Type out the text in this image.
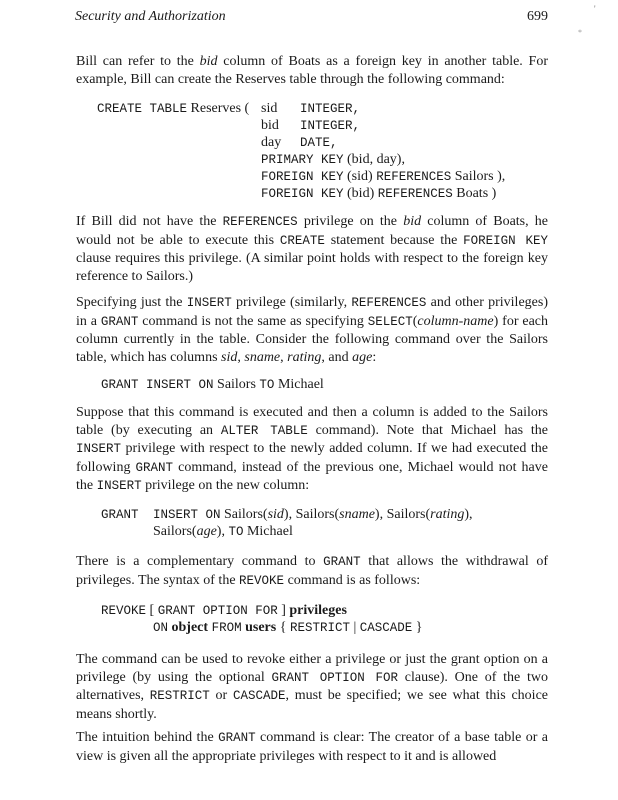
Security and Authorization	699	'
*

Bill can refer to the bid column of Boats as a foreign key in another table. For example, Bill can create the Reserves table through the following command:

CREATE TABLE Reserves ( sid INTEGER,
bid INTEGER,
day DATE,
PRIMARY KEY (bid, day),
FOREIGN KEY (sid) REFERENCES Sailors ),
FOREIGN KEY (bid) REFERENCES Boats )

If Bill did not have the REFERENCES privilege on the bid column of Boats, he would not be able to execute this CREATE statement because the FOREIGN KEY clause requires this privilege. (A similar point holds with respect to the foreign key reference to Sailors.)

Specifying just the INSERT privilege (similarly, REFERENCES and other privileges) in a GRANT command is not the same as specifying SELECT(column-name) for each column currently in the table. Consider the following command over the Sailors table, which has columns sid, sname, rating, and age:

GRANT INSERT ON Sailors TO Michael

Suppose that this command is executed and then a column is added to the Sailors table (by executing an ALTER TABLE command). Note that Michael has the INSERT privilege with respect to the newly added column. If we had executed the following GRANT command, instead of the previous one, Michael would not have the INSERT privilege on the new column:

GRANT INSERT ON Sailors(sid), Sailors(sname), Sailors(rating),
Sailors(age), TO Michael

There is a complementary command to GRANT that allows the withdrawal of privileges. The syntax of the REVOKE command is as follows:

REVOKE [ GRANT OPTION FOR ] privileges
ON object FROM users { RESTRICT | CASCADE }

The command can be used to revoke either a privilege or just the grant option on a privilege (by using the optional GRANT OPTION FOR clause). One of the two alternatives, RESTRICT or CASCADE, must be specified; we see what this choice means shortly.

The intuition behind the GRANT command is clear: The creator of a base table or a view is given all the appropriate privileges with respect to it and is allowed
